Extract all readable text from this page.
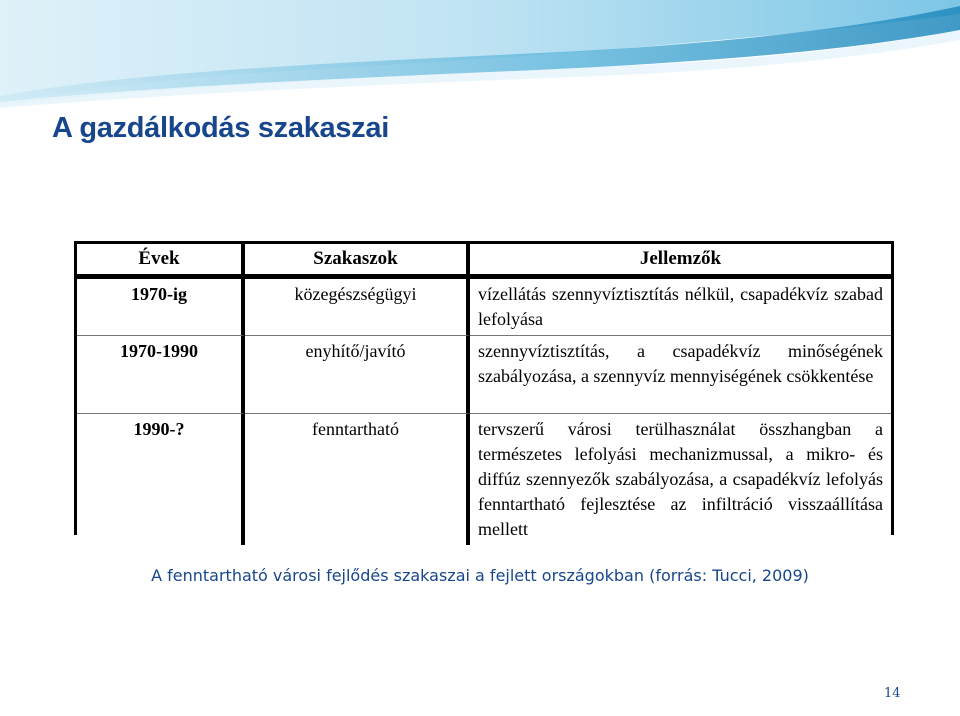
A gazdálkodás szakaszai
Évek	Szakaszok	Jellemzők
1970-ig	közegészségügyi	vízellátás szennyvíztisztítás nélkül, csapadékvíz szabad lefolyása
1970-1990	enyhítő/javító	szennyvíztisztítás, a csapadékvíz minőségének szabályozása, a szennyvíz mennyiségének csökkentése
1990-?	fenntartható	tervszerű városi terülhasználat összhangban a természetes lefolyási mechanizmussal, a mikro- és diffúz szennyezők szabályozása, a csapadékvíz lefolyás fenntartható fejlesztése az infiltráció visszaállítása mellett
A fenntartható városi fejlődés szakaszai a fejlett országokban (forrás: Tucci, 2009)
14
